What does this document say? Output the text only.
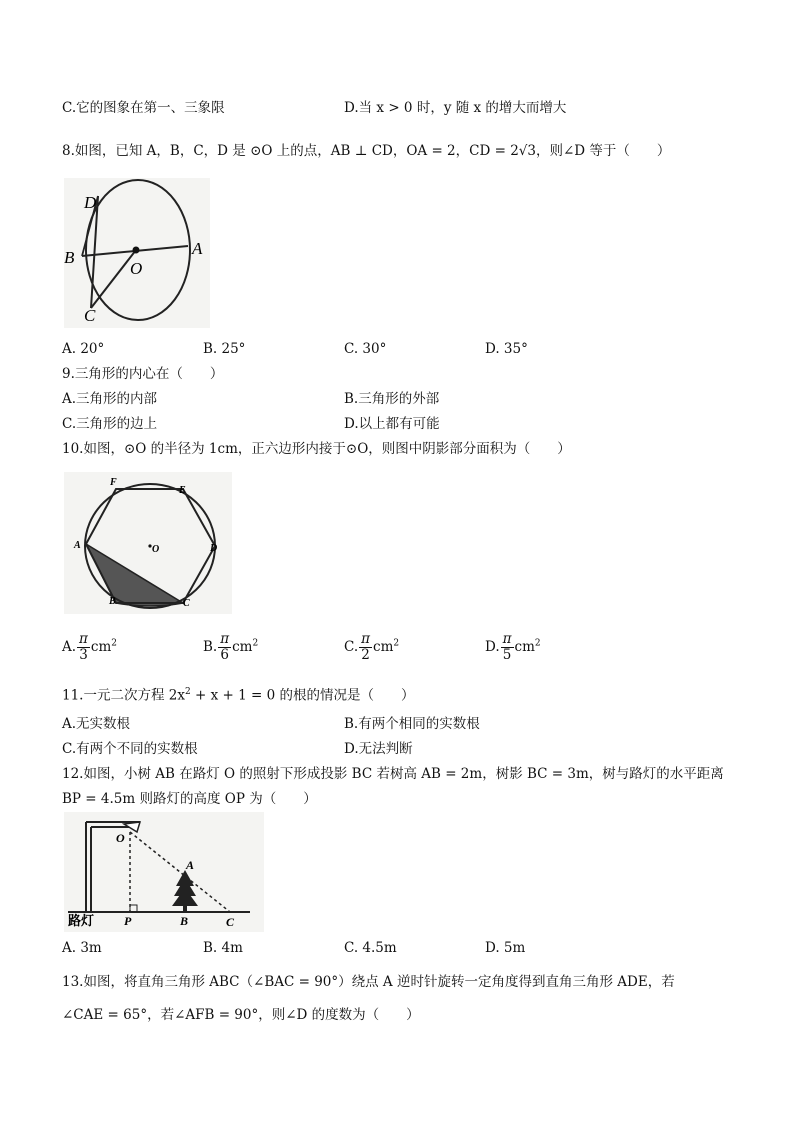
C.它的图象在第一、三象限	D.当 x > 0 时，y 随 x 的增大而增大
8.如图，已知 A，B，C，D 是 ⊙O 上的点，AB ⊥ CD，OA = 2，CD = 2√3，则∠D 等于（　　）
D
B
O
A
C
A. 20°	B. 25°	C. 30°	D. 35°
9.三角形的内心在（　　）
A.三角形的内部	B.三角形的外部
C.三角形的边上	D.以上都有可能
10.如图，⊙O 的半径为 1cm，正六边形内接于⊙O，则图中阴影部分面积为（　　）
F
E
A	O	D
B	C
A. $\frac{\pi}{3} cm^2$	B. $\frac{\pi}{6} cm^2$	C. $\frac{\pi}{2} cm^2$	D. $\frac{\pi}{5} cm^2$
11.一元二次方程 $2x^2 + x + 1 = 0$ 的根的情况是（　　）
A.无实数根	B.有两个相同的实数根
C.有两个不同的实数根	D.无法判断
12.如图，小树 AB 在路灯 O 的照射下形成投影 BC 若树高 AB = 2m，树影 BC = 3m，树与路灯的水平距离
BP = 4.5m 则路灯的高度 OP 为（　　）
O
A
路灯 P	B	C
A. 3m	B. 4m	C. 4.5m	D. 5m
13.如图，将直角三角形 ABC（∠BAC = 90°）绕点 A 逆时针旋转一定角度得到直角三角形 ADE，若
∠CAE = 65°，若∠AFB = 90°，则∠D 的度数为（　　）
